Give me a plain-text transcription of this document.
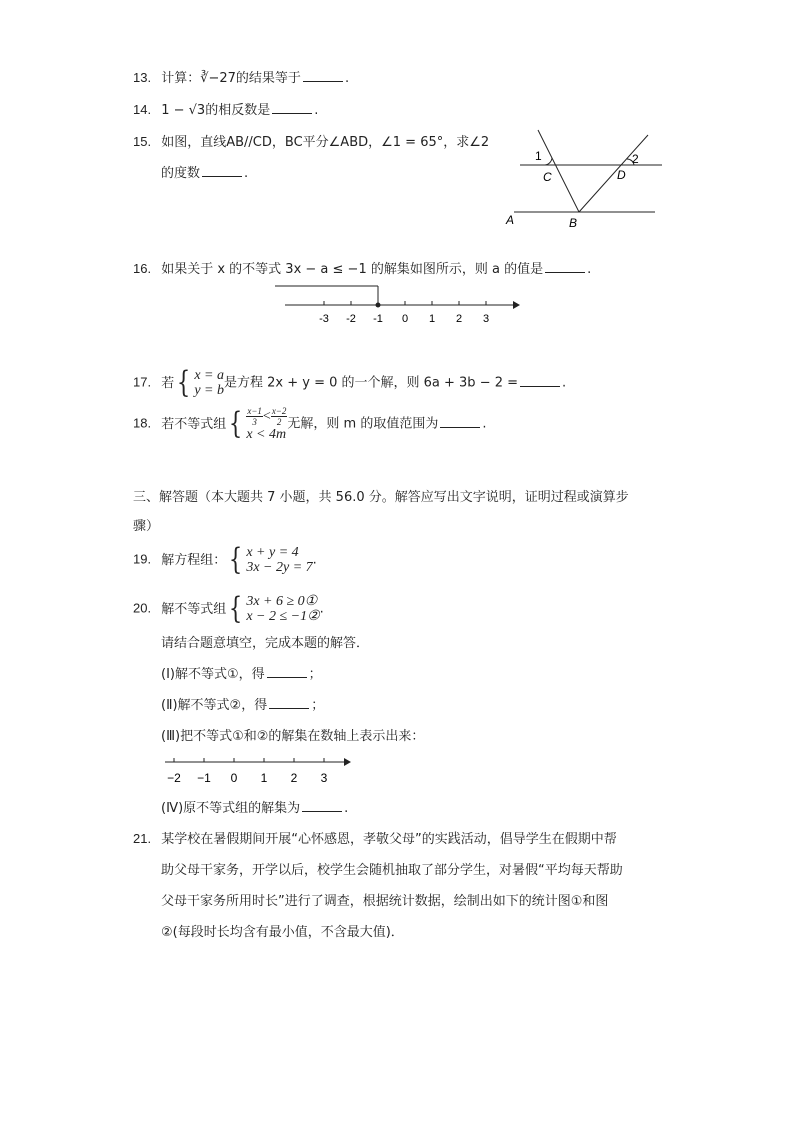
13. 计算：∛−27的结果等于	.
14. 1 − √3的相反数是	.
15. 如图，直线AB//CD，BC平分∠ABD，∠1 = 65°，求∠2
的度数	.
1	2
C	D
A	B
16. 如果关于 x 的不等式 3x − a ≤ −1 的解集如图所示，则 a 的值是	.
-3 -2 -1 0 1 2 3
17. 若 { x = a
y = b 是方程 2x + y = 0 的一个解，则 6a + 3b − 2 =	.
18. 若不等式组 { $\frac{x-1}{3} < \frac{x-2}{2}$
x < 4m
无解，则 m 的取值范围为	.
三、解答题（本大题共 7 小题，共 56.0 分。解答应写出文字说明，证明过程或演算步
骤）
19. 解方程组： { x + y = 4
3x − 2y = 7 .
20. 解不等式组 { 3x + 6 ≥ 0①
x − 2 ≤ −1② .
请结合题意填空，完成本题的解答．
(Ⅰ)解不等式①，得	；
(Ⅱ)解不等式②，得	；
(Ⅲ)把不等式①和②的解集在数轴上表示出来：
−2 −1 0 1 2 3
(Ⅳ)原不等式组的解集为	.
21. 某学校在暑假期间开展“心怀感恩，孝敬父母”的实践活动，倡导学生在假期中帮
助父母干家务，开学以后，校学生会随机抽取了部分学生，对暑假“平均每天帮助
父母干家务所用时长”进行了调查，根据统计数据，绘制出如下的统计图①和图
②(每段时长均含有最小值，不含最大值)．
